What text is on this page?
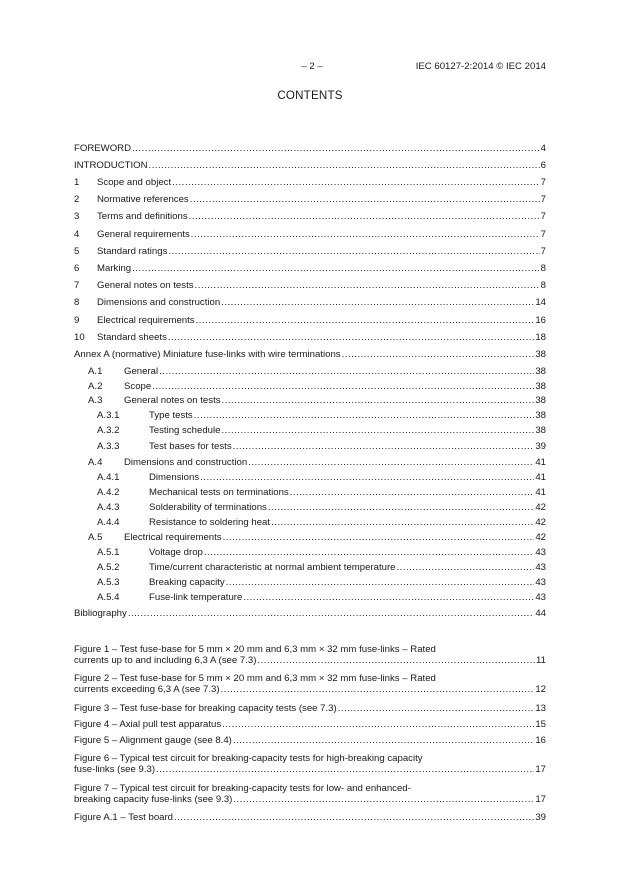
– 2 –	IEC 60127-2:2014 © IEC 2014
CONTENTS
FOREWORD .....	4
INTRODUCTION .....	6
1	Scope and object .....	7
2	Normative references .....	7
3	Terms and definitions .....	7
4	General requirements .....	7
5	Standard ratings .....	7
6	Marking .....	8
7	General notes on tests .....	8
8	Dimensions and construction .....	14
9	Electrical requirements .....	16
10	Standard sheets .....	18
Annex A (normative) Miniature fuse-links with wire terminations .....	38
A.1	General .....	38
A.2	Scope .....	38
A.3	General notes on tests .....	38
A.3.1	Type tests .....	38
A.3.2	Testing schedule .....	38
A.3.3	Test bases for tests .....	39
A.4	Dimensions and construction .....	41
A.4.1	Dimensions .....	41
A.4.2	Mechanical tests on terminations .....	41
A.4.3	Solderability of terminations .....	42
A.4.4	Resistance to soldering heat .....	42
A.5	Electrical requirements .....	42
A.5.1	Voltage drop .....	43
A.5.2	Time/current characteristic at normal ambient temperature .....	43
A.5.3	Breaking capacity .....	43
A.5.4	Fuse-link temperature .....	43
Bibliography .....	44
Figure 1 – Test fuse-base for 5 mm × 20 mm and 6,3 mm × 32 mm fuse-links – Rated
currents up to and including 6,3 A (see 7.3) .....	11
Figure 2 – Test fuse-base for 5 mm × 20 mm and 6,3 mm × 32 mm fuse-links – Rated
currents exceeding 6,3 A (see 7.3) .....	12
Figure 3 – Test fuse-base for breaking capacity tests (see 7.3) .....	13
Figure 4 – Axial pull test apparatus .....	15
Figure 5 – Alignment gauge (see 8.4) .....	16
Figure 6 – Typical test circuit for breaking-capacity tests for high-breaking capacity
fuse-links (see 9.3) .....	17
Figure 7 – Typical test circuit for breaking-capacity tests for low- and enhanced-
breaking capacity fuse-links (see 9.3) .....	17
Figure A.1 – Test board .....	39
